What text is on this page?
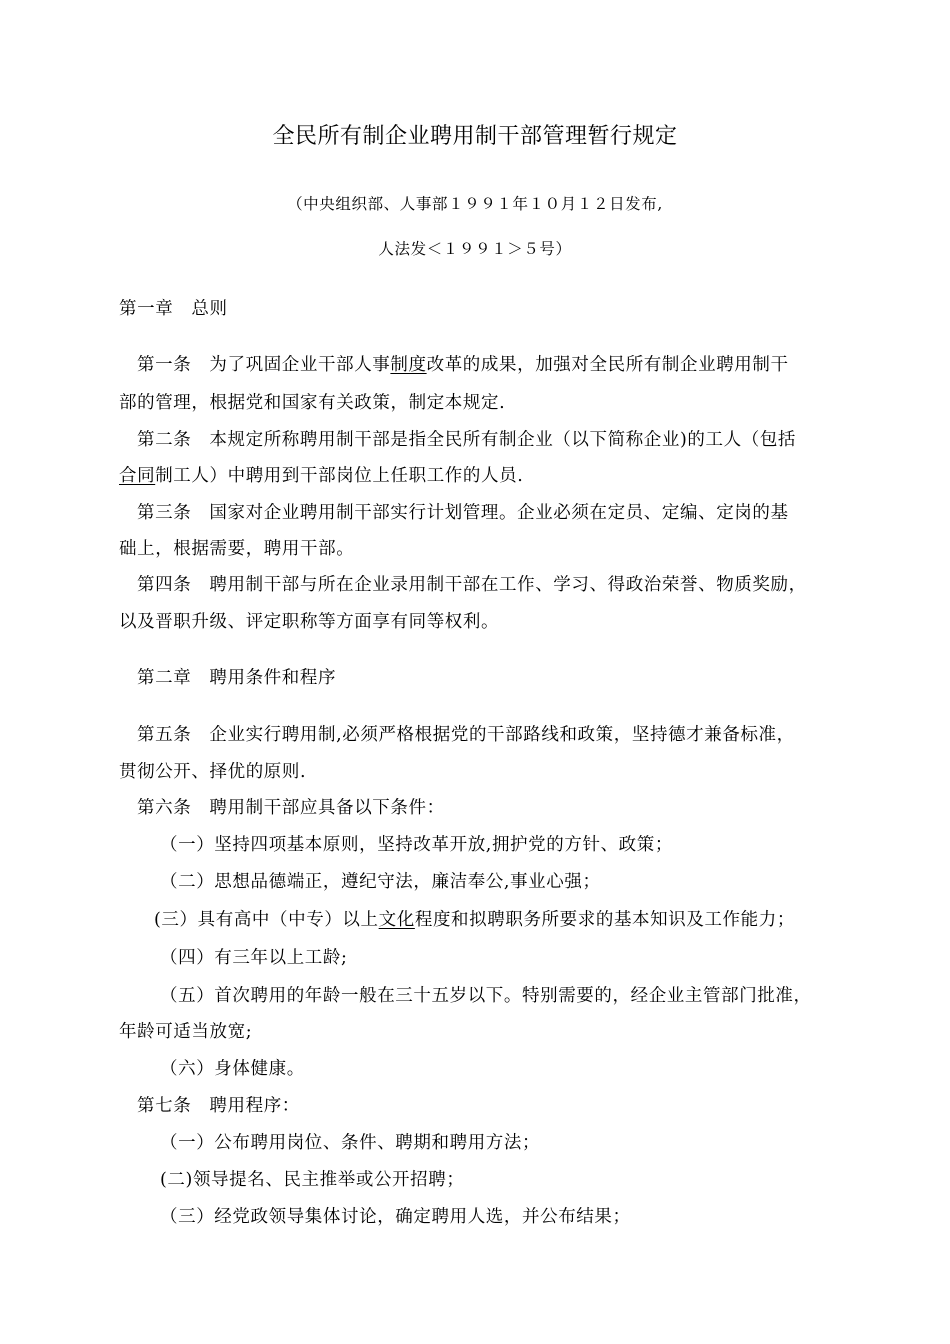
全民所有制企业聘用制干部管理暂行规定
（中央组织部、人事部１９９１年１０月１２日发布,
人法发＜１９９１＞５号）
第一章　总则
第一条　为了巩固企业干部人事制度改革的成果，加强对全民所有制企业聘用制干
部的管理，根据党和国家有关政策，制定本规定.
第二条　本规定所称聘用制干部是指全民所有制企业（以下简称企业)的工人（包括
合同制工人）中聘用到干部岗位上任职工作的人员.
第三条　国家对企业聘用制干部实行计划管理。企业必须在定员、定编、定岗的基
础上，根据需要，聘用干部。
第四条　聘用制干部与所在企业录用制干部在工作、学习、得政治荣誉、物质奖励，
以及晋职升级、评定职称等方面享有同等权利。
第二章　聘用条件和程序
第五条　企业实行聘用制,必须严格根据党的干部路线和政策，坚持德才兼备标准，
贯彻公开、择优的原则.
第六条　聘用制干部应具备以下条件：
（一）坚持四项基本原则，坚持改革开放,拥护党的方针、政策；
（二）思想品德端正，遵纪守法，廉洁奉公,事业心强；
(三）具有高中（中专）以上文化程度和拟聘职务所要求的基本知识及工作能力；
（四）有三年以上工龄;
（五）首次聘用的年龄一般在三十五岁以下。特别需要的，经企业主管部门批准，
年龄可适当放宽;
（六）身体健康。
第七条　聘用程序：
（一）公布聘用岗位、条件、聘期和聘用方法；
(二)领导提名、民主推举或公开招聘；
（三）经党政领导集体讨论，确定聘用人选，并公布结果；
